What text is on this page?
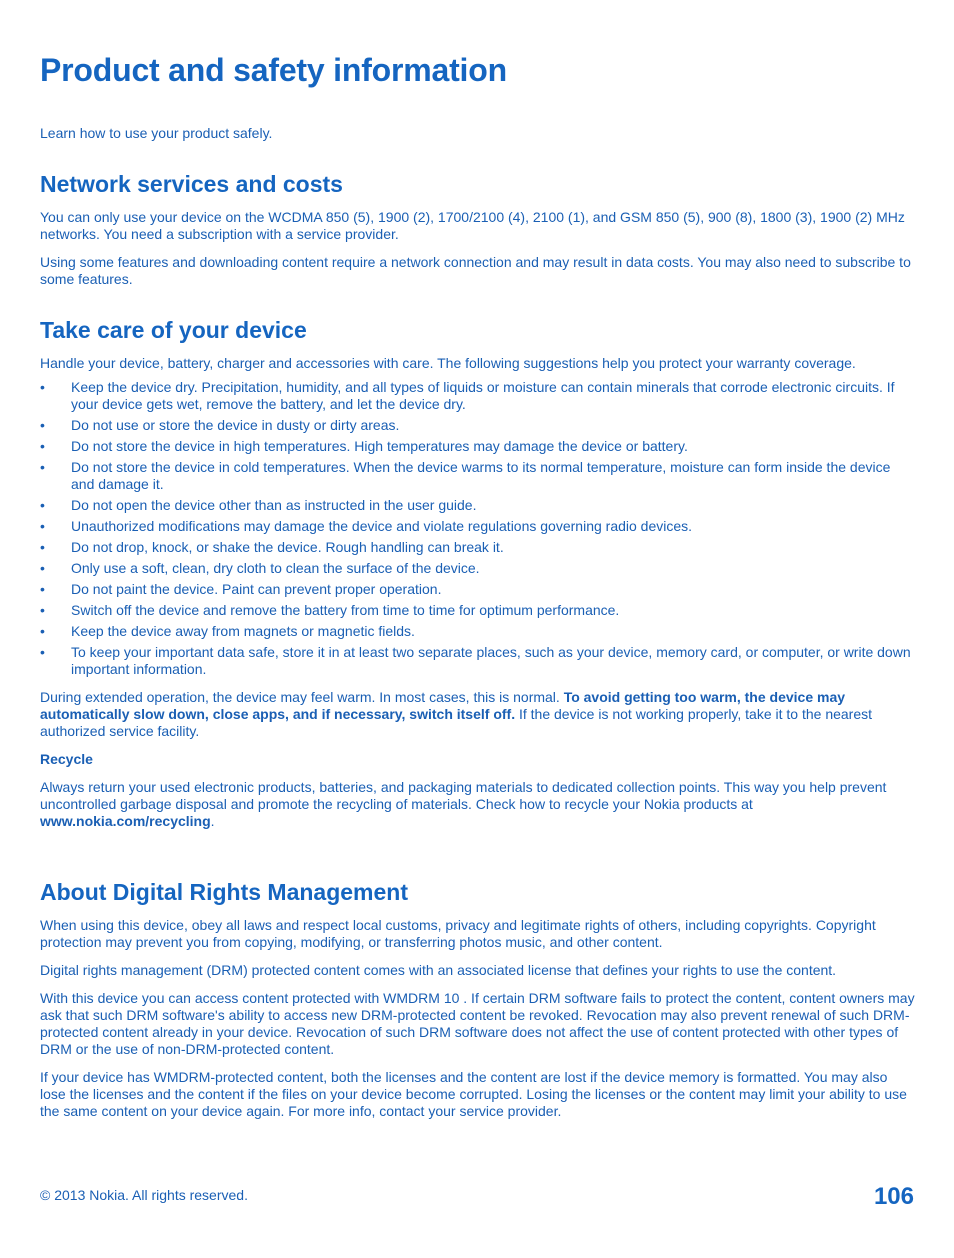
Product and safety information

Learn how to use your product safely.

Network services and costs

You can only use your device on the WCDMA 850 (5), 1900 (2), 1700/2100 (4), 2100 (1), and GSM 850 (5), 900 (8), 1800 (3), 1900 (2) MHz networks. You need a subscription with a service provider.

Using some features and downloading content require a network connection and may result in data costs. You may also need to subscribe to some features.

Take care of your device

Handle your device, battery, charger and accessories with care. The following suggestions help you protect your warranty coverage.

• Keep the device dry. Precipitation, humidity, and all types of liquids or moisture can contain minerals that corrode electronic circuits. If your device gets wet, remove the battery, and let the device dry.
• Do not use or store the device in dusty or dirty areas.
• Do not store the device in high temperatures. High temperatures may damage the device or battery.
• Do not store the device in cold temperatures. When the device warms to its normal temperature, moisture can form inside the device and damage it.
• Do not open the device other than as instructed in the user guide.
• Unauthorized modifications may damage the device and violate regulations governing radio devices.
• Do not drop, knock, or shake the device. Rough handling can break it.
• Only use a soft, clean, dry cloth to clean the surface of the device.
• Do not paint the device. Paint can prevent proper operation.
• Switch off the device and remove the battery from time to time for optimum performance.
• Keep the device away from magnets or magnetic fields.
• To keep your important data safe, store it in at least two separate places, such as your device, memory card, or computer, or write down important information.

During extended operation, the device may feel warm. In most cases, this is normal. To avoid getting too warm, the device may automatically slow down, close apps, and if necessary, switch itself off. If the device is not working properly, take it to the nearest authorized service facility.

Recycle

Always return your used electronic products, batteries, and packaging materials to dedicated collection points. This way you help prevent uncontrolled garbage disposal and promote the recycling of materials. Check how to recycle your Nokia products at www.nokia.com/recycling.

About Digital Rights Management

When using this device, obey all laws and respect local customs, privacy and legitimate rights of others, including copyrights. Copyright protection may prevent you from copying, modifying, or transferring photos music, and other content.

Digital rights management (DRM) protected content comes with an associated license that defines your rights to use the content.

With this device you can access content protected with WMDRM 10 . If certain DRM software fails to protect the content, content owners may ask that such DRM software's ability to access new DRM-protected content be revoked. Revocation may also prevent renewal of such DRM-protected content already in your device. Revocation of such DRM software does not affect the use of content protected with other types of DRM or the use of non-DRM-protected content.

If your device has WMDRM-protected content, both the licenses and the content are lost if the device memory is formatted. You may also lose the licenses and the content if the files on your device become corrupted. Losing the licenses or the content may limit your ability to use the same content on your device again. For more info, contact your service provider.

© 2013 Nokia. All rights reserved.	106
